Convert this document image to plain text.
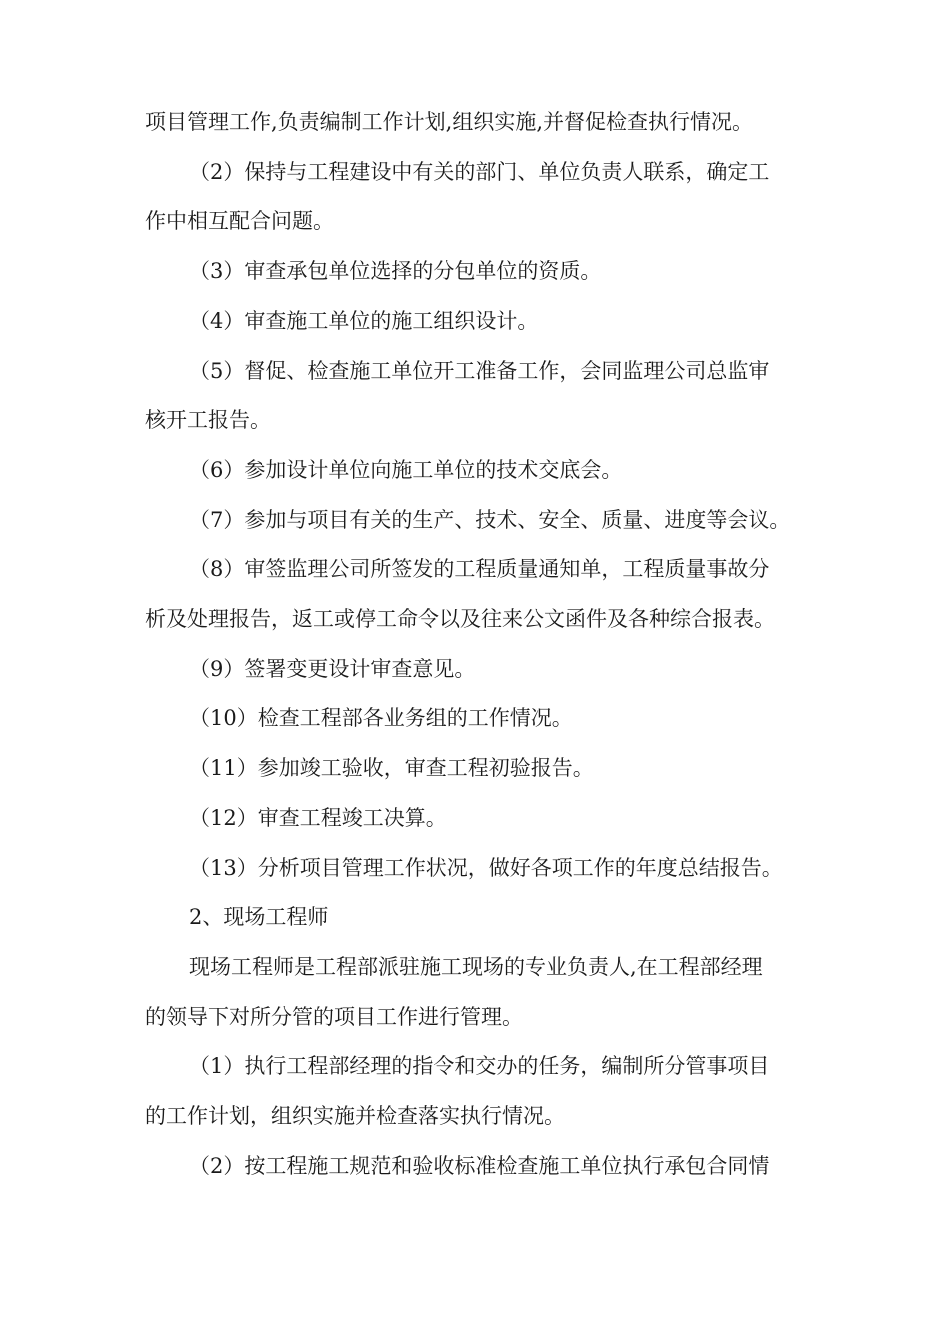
项目管理工作,负责编制工作计划,组织实施,并督促检查执行情况。

（2）保持与工程建设中有关的部门、单位负责人联系，确定工
作中相互配合问题。

（3）审查承包单位选择的分包单位的资质。

（4）审查施工单位的施工组织设计。

（5）督促、检查施工单位开工准备工作，会同监理公司总监审
核开工报告。

（6）参加设计单位向施工单位的技术交底会。

（7）参加与项目有关的生产、技术、安全、质量、进度等会议。

（8）审签监理公司所签发的工程质量通知单，工程质量事故分
析及处理报告，返工或停工命令以及往来公文函件及各种综合报表。

（9）签署变更设计审查意见。

（10）检查工程部各业务组的工作情况。

（11）参加竣工验收，审查工程初验报告。

（12）审查工程竣工决算。

（13）分析项目管理工作状况，做好各项工作的年度总结报告。

2、现场工程师

现场工程师是工程部派驻施工现场的专业负责人,在工程部经理
的领导下对所分管的项目工作进行管理。

（1）执行工程部经理的指令和交办的任务，编制所分管事项目
的工作计划，组织实施并检查落实执行情况。

（2）按工程施工规范和验收标准检查施工单位执行承包合同情
